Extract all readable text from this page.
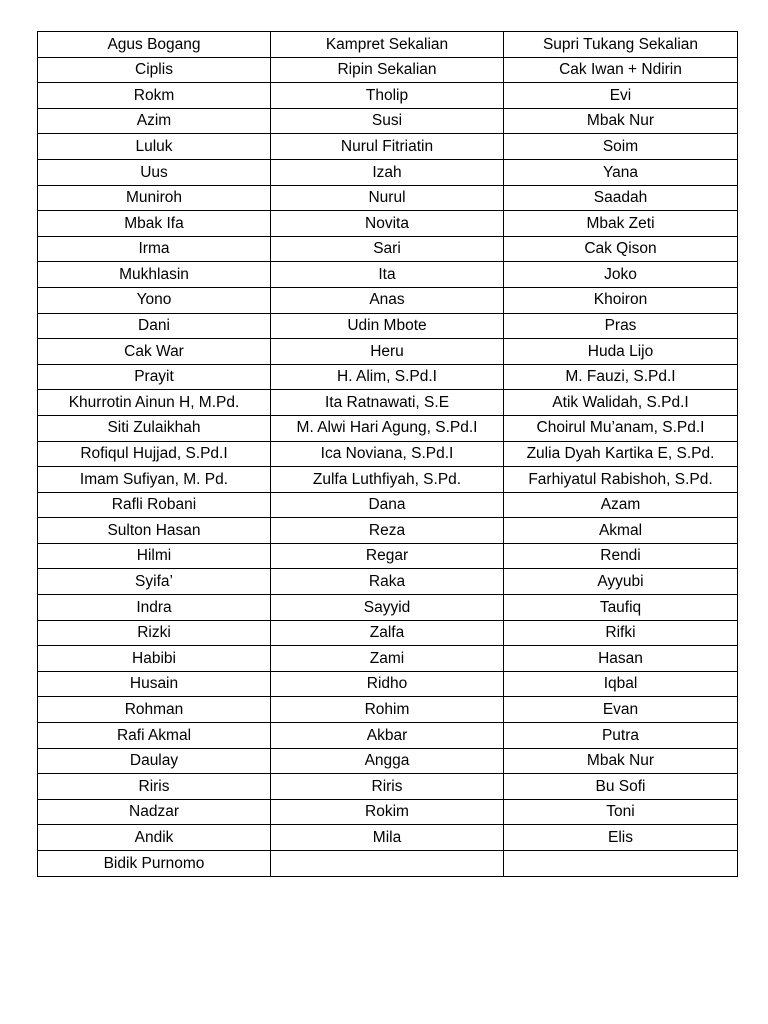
Agus Bogang	Kampret Sekalian	Supri Tukang Sekalian
Ciplis	Ripin Sekalian	Cak Iwan + Ndirin
Rokm	Tholip	Evi
Azim	Susi	Mbak Nur
Luluk	Nurul Fitriatin	Soim
Uus	Izah	Yana
Muniroh	Nurul	Saadah
Mbak Ifa	Novita	Mbak Zeti
Irma	Sari	Cak Qison
Mukhlasin	Ita	Joko
Yono	Anas	Khoiron
Dani	Udin Mbote	Pras
Cak War	Heru	Huda Lijo
Prayit	H. Alim, S.Pd.I	M. Fauzi, S.Pd.I
Khurrotin Ainun H, M.Pd.	Ita Ratnawati, S.E	Atik Walidah, S.Pd.I
Siti Zulaikhah	M. Alwi Hari Agung, S.Pd.I	Choirul Mu’anam, S.Pd.I
Rofiqul Hujjad, S.Pd.I	Ica Noviana, S.Pd.I	Zulia Dyah Kartika E, S.Pd.
Imam Sufiyan, M. Pd.	Zulfa Luthfiyah, S.Pd.	Farhiyatul Rabishoh, S.Pd.
Rafli Robani	Dana	Azam
Sulton Hasan	Reza	Akmal
Hilmi	Regar	Rendi
Syifa’	Raka	Ayyubi
Indra	Sayyid	Taufiq
Rizki	Zalfa	Rifki
Habibi	Zami	Hasan
Husain	Ridho	Iqbal
Rohman	Rohim	Evan
Rafi Akmal	Akbar	Putra
Daulay	Angga	Mbak Nur
Riris	Riris	Bu Sofi
Nadzar	Rokim	Toni
Andik	Mila	Elis
Bidik Purnomo		
